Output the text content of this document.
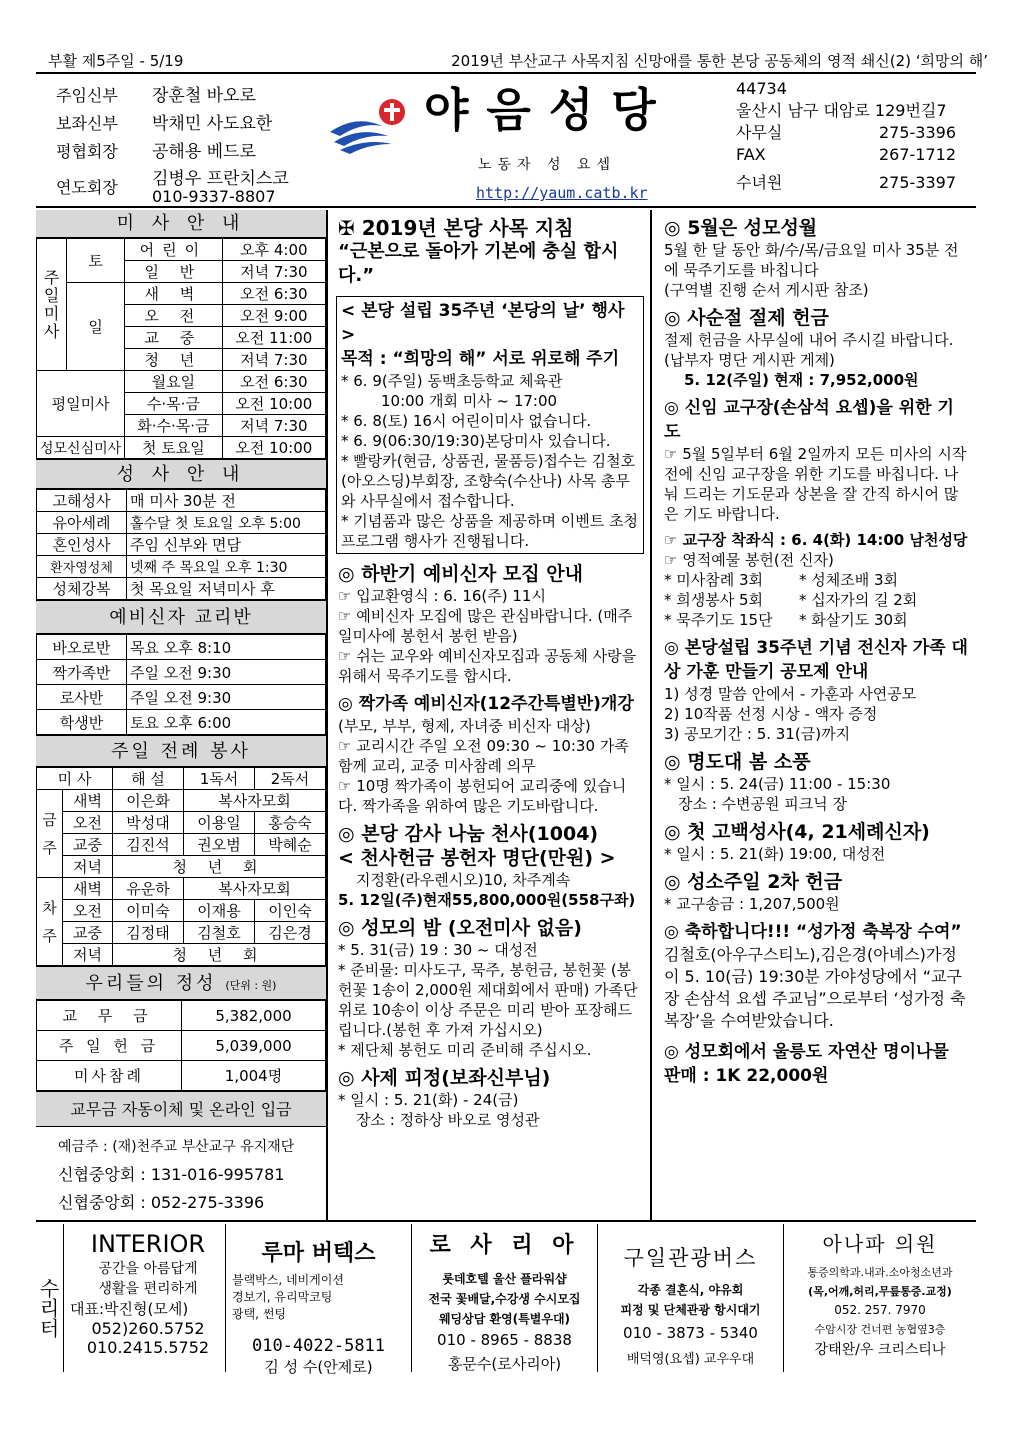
부활 제5주일 - 5/19	2019년 부산교구 사목지침 신망애를 통한 본당 공동체의 영적 쇄신(2) ‘희망의 해’
주임신부	장훈철 바오로
보좌신부	박채민 사도요한
평협회장	공해용 베드로
연도회장	김병우 프란치스코
010-9337-8807
야음성당
노동자 성 요셉
http://yaum.catb.kr
44734
울산시 남구 대암로 129번길7
사무실	275-3396
FAX	267-1712
수녀원	275-3397
미 사 안 내
주일미사	토	어린이	오후 4:00
		일 반	저녁 7:30
	일	새 벽	오전 6:30
		오 전	오전 9:00
		교 중	오전 11:00
		청 년	저녁 7:30
평일미사		월요일	오전 6:30
		수·목·금	오전 10:00
		화·수·목·금	저녁 7:30
성모신심미사		첫 토요일	오전 10:00
성 사 안 내
고해성사	매 미사 30분 전
유아세례	홀수달 첫 토요일 오후 5:00
혼인성사	주임 신부와 면담
환자영성체	넷째 주 목요일 오후 1:30
성체강복	첫 목요일 저녁미사 후
예비신자 교리반
바오로반	목요 오후 8:10
짝가족반	주일 오전 9:30
로사반	주일 오전 9:30
학생반	토요 오후 6:00
주일 전례 봉사
미 사		해 설	1독서	2독서
금주	새벽	이은화	복사자모회	
	오전	박성대	이용일	홍승숙
	교중	김진석	권오범	박혜순
	저녁	청 년 회		
차주	새벽	유운하	복사자모회	
	오전	이미숙	이재용	이인숙
	교중	김정태	김철호	김은경
	저녁	청 년 회		
우리들의 정성 (단위 : 원)
교 무 금	5,382,000
주 일 헌 금	5,039,000
미사참례	1,004명
교무금 자동이체 및 온라인 입금
예금주 : (재)천주교 부산교구 유지재단
신협중앙회 : 131-016-995781
신협중앙회 : 052-275-3396
✠ 2019년 본당 사목 지침
“근본으로 돌아가 기본에 충실 합시다.”
< 본당 설립 35주년 ‘본당의 날’ 행사 >
목적 : “희망의 해” 서로 위로해 주기
* 6. 9(주일) 동백초등학교 체육관
10:00 개회 미사 ~ 17:00
* 6. 8(토) 16시 어린이미사 없습니다.
* 6. 9(06:30/19:30)본당미사 있습니다.
* 빨랑카(현금, 상품권, 물품등)접수는 김철호(아오스딩)부회장, 조향숙(수산나) 사목 총무와 사무실에서 접수합니다.
* 기념품과 많은 상품을 제공하며 이벤트 초청 프로그램 행사가 진행됩니다.
◎ 하반기 예비신자 모집 안내
☞ 입교환영식 : 6. 16(주) 11시
☞ 예비신자 모집에 많은 관심바랍니다. (매주일미사에 봉헌서 봉헌 받음)
☞ 쉬는 교우와 예비신자모집과 공동체 사랑을 위해서 묵주기도를 합시다.
◎ 짝가족 예비신자(12주간특별반)개강
(부모, 부부, 형제, 자녀중 비신자 대상)
☞ 교리시간 주일 오전 09:30 ~ 10:30 가족 함께 교리, 교중 미사참례 의무
☞ 10명 짝가족이 봉헌되어 교리중에 있습니다. 짝가족을 위하여 많은 기도바랍니다.
◎ 본당 감사 나눔 천사(1004)
< 천사헌금 봉헌자 명단(만원) >
지정환(라우렌시오)10, 차주계속
5. 12일(주)현재55,800,000원(558구좌)
◎ 성모의 밤 (오전미사 없음)
* 5. 31(금) 19 : 30 ~ 대성전
* 준비물: 미사도구, 묵주, 봉헌금, 봉헌꽃 (봉헌꽃 1송이 2,000원 제대회에서 판매) 가족단위로 10송이 이상 주문은 미리 받아 포장해드립니다.(봉헌 후 가져 가십시오)
* 제단체 봉헌도 미리 준비해 주십시오.
◎ 사제 피정(보좌신부님)
* 일시 : 5. 21(화) - 24(금)
장소 : 정하상 바오로 영성관
◎ 5월은 성모성월
5월 한 달 동안 화/수/목/금요일 미사 35분 전에 묵주기도를 바칩니다
(구역별 진행 순서 게시판 참조)
◎ 사순절 절제 헌금
절제 헌금을 사무실에 내어 주시길 바랍니다.(납부자 명단 게시판 게제)
5. 12(주일) 현재 : 7,952,000원
◎ 신임 교구장(손삼석 요셉)을 위한 기도
☞ 5월 5일부터 6월 2일까지 모든 미사의 시작 전에 신임 교구장을 위한 기도를 바칩니다. 나눠 드리는 기도문과 상본을 잘 간직 하시어 많은 기도 바랍니다.
☞ 교구장 착좌식 : 6. 4(화) 14:00 남천성당
☞ 영적예물 봉헌(전 신자)
* 미사참례 3회	* 성체조배 3회
* 희생봉사 5회	* 십자가의 길 2회
* 묵주기도 15단	* 화살기도 30회
◎ 본당설립 35주년 기념 전신자 가족 대상 가훈 만들기 공모제 안내
1) 성경 말씀 안에서 - 가훈과 사연공모
2) 10작품 선정 시상 - 액자 증정
3) 공모기간 : 5. 31(금)까지
◎ 명도대 봄 소풍
* 일시 : 5. 24(금) 11:00 - 15:30
장소 : 수변공원 피크닉 장
◎ 첫 고백성사(4, 21세례신자)
* 일시 : 5. 21(화) 19:00, 대성전
◎ 성소주일 2차 헌금
* 교구송금 : 1,207,500원
◎ 축하합니다!!! “성가정 축복장 수여”
김철호(아우구스티노),김은경(아녜스)가정이 5. 10(금) 19:30분 가야성당에서 “교구장 손삼석 요셉 주교님”으로부터 ‘성가정 축복장’을 수여받았습니다.
◎ 성모회에서 울릉도 자연산 명이나물 판매 : 1K 22,000원
수리터
INTERIOR
공간을 아름답게
생활을 편리하게
대표:박진형(모세)
052)260.5752
010.2415.5752
루마 버텍스
블랙박스, 네비게이션
경보기, 유리막코팅
광택, 썬팅
010-4022-5811
김 성 수(안제로)
로 사 리 아
롯데호텔 울산 플라워샵
전국 꽃배달,수강생 수시모집
웨딩상담 환영(특별우대)
010 - 8965 - 8838
홍문수(로사리아)
구일관광버스
각종 결혼식, 야유회
피정 및 단체관광 항시대기
010 - 3873 - 5340
배덕영(요셉) 교우우대
아나파 의원
통증의학과.내과.소아청소년과
(목,어깨,허리,무릎통증.교정)
052. 257. 7970
수암시장 건너편 농협옆3층
강태완/우 크리스티나
